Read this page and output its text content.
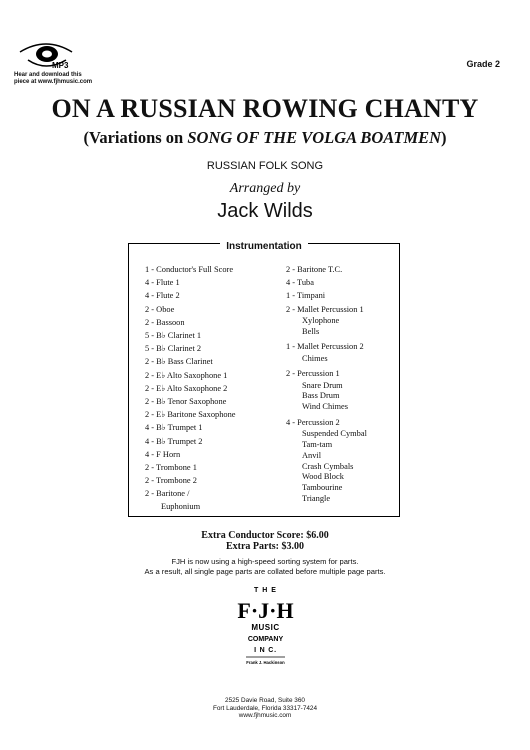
MP3
Hear and download this
piece at www.fjhmusic.com
Grade 2
ON A RUSSIAN ROWING CHANTY
(Variations on SONG OF THE VOLGA BOATMEN)
RUSSIAN FOLK SONG
Arranged by
Jack Wilds
Instrumentation
1 - Conductor's Full Score
4 - Flute 1
4 - Flute 2
2 - Oboe
2 - Bassoon
5 - B♭ Clarinet 1
5 - B♭ Clarinet 2
2 - B♭ Bass Clarinet
2 - E♭ Alto Saxophone 1
2 - E♭ Alto Saxophone 2
2 - B♭ Tenor Saxophone
2 - E♭ Baritone Saxophone
4 - B♭ Trumpet 1
4 - B♭ Trumpet 2
4 - F Horn
2 - Trombone 1
2 - Trombone 2
2 - Baritone /
Euphonium
2 - Baritone T.C.
4 - Tuba
1 - Timpani
2 - Mallet Percussion 1
Xylophone
Bells
1 - Mallet Percussion 2
Chimes
2 - Percussion 1
Snare Drum
Bass Drum
Wind Chimes
4 - Percussion 2
Suspended Cymbal
Tam-tam
Anvil
Crash Cymbals
Wood Block
Tambourine
Triangle
Extra Conductor Score: $6.00
Extra Parts: $3.00
FJH is now using a high-speed sorting system for parts.
As a result, all single page parts are collated before multiple page parts.
T H E
F·J·H
MUSIC
COMPANY
I N C.
Frank J. Hackinson
2525 Davie Road, Suite 360
Fort Lauderdale, Florida 33317-7424
www.fjhmusic.com
